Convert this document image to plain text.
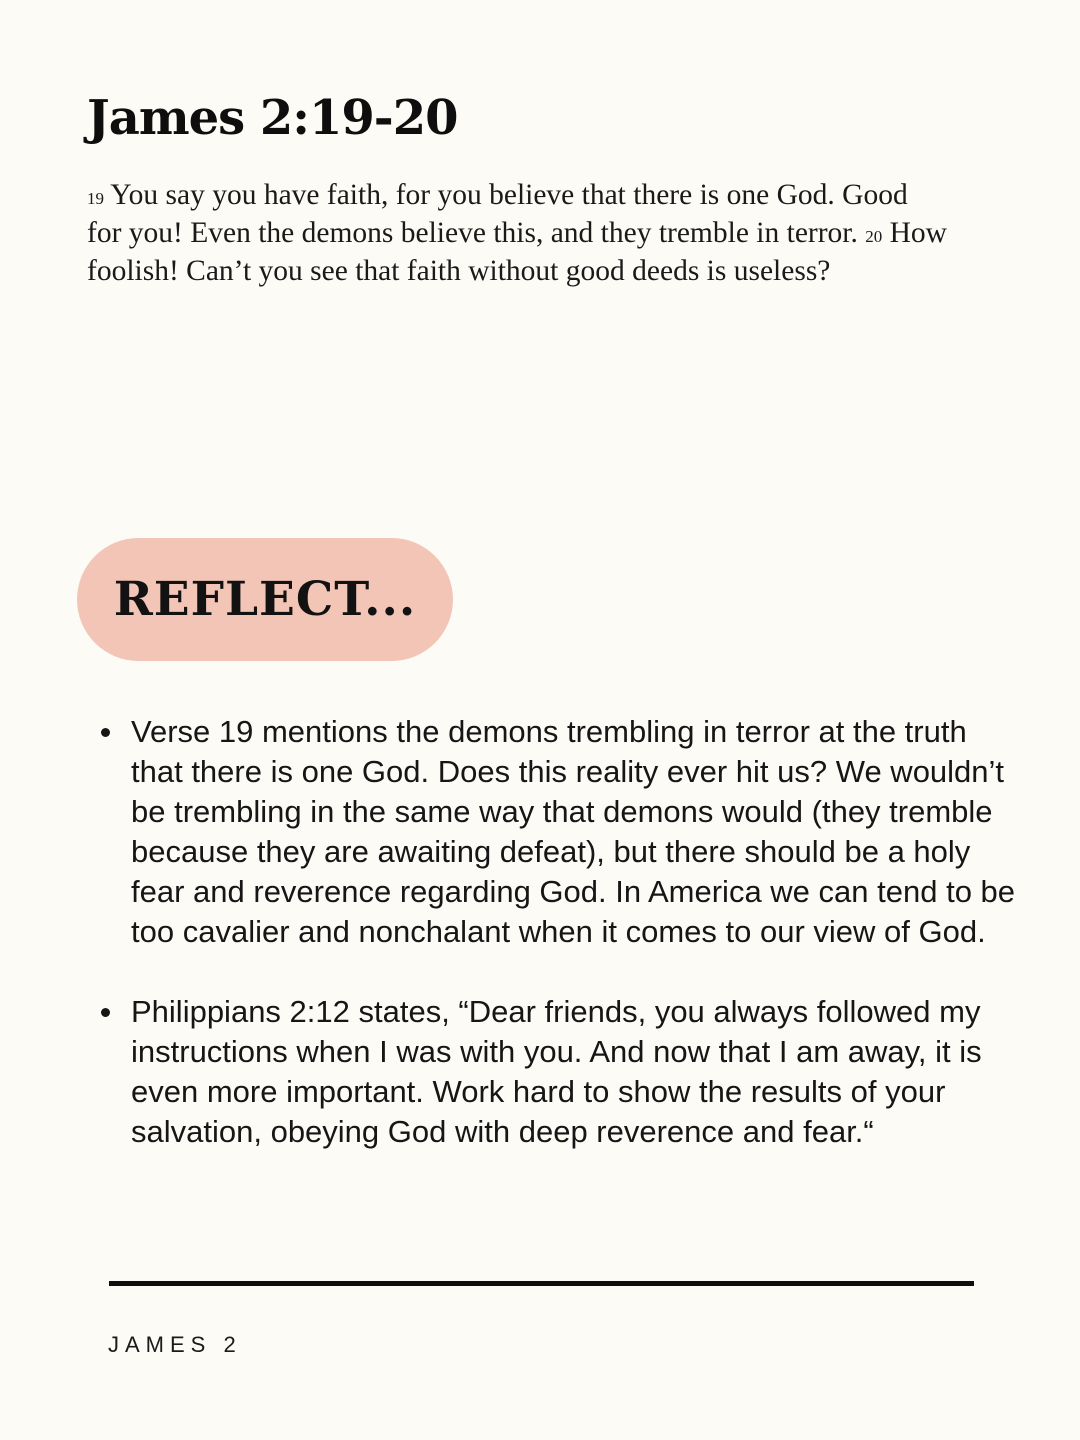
James 2:19-20

19 You say you have faith, for you believe that there is one God. Good for you! Even the demons believe this, and they tremble in terror. 20 How foolish! Can’t you see that faith without good deeds is useless?

REFLECT...
Verse 19 mentions the demons trembling in terror at the truth that there is one God. Does this reality ever hit us? We wouldn’t be trembling in the same way that demons would (they tremble because they are awaiting defeat), but there should be a holy fear and reverence regarding God. In America we can tend to be too cavalier and nonchalant when it comes to our view of God.
Philippians 2:12 states, “Dear friends, you always followed my instructions when I was with you. And now that I am away, it is even more important. Work hard to show the results of your salvation, obeying God with deep reverence and fear.“
JAMES 2
